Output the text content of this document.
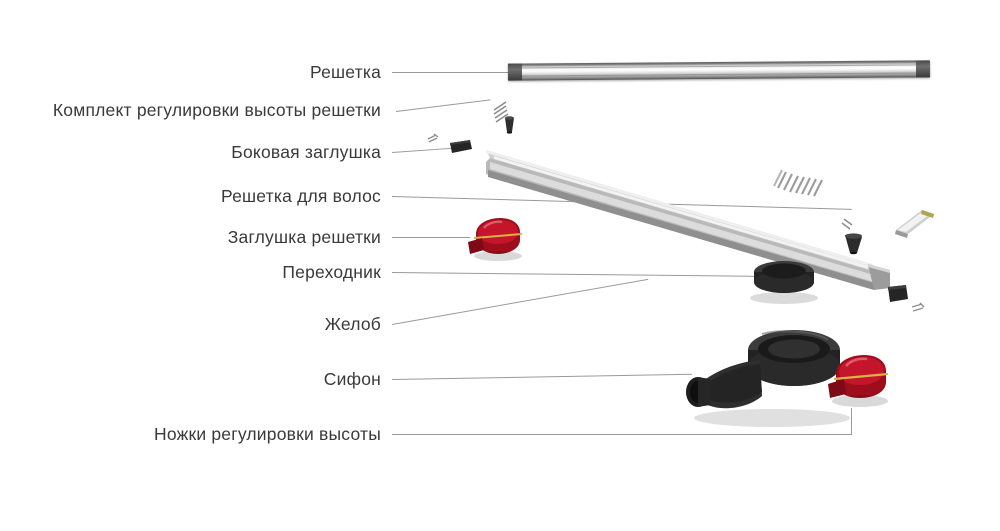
Решетка
Комплект регулировки высоты решетки
Боковая заглушка
Решетка для волос
Заглушка решетки
Переходник
Желоб
Сифон
Ножки регулировки высоты
